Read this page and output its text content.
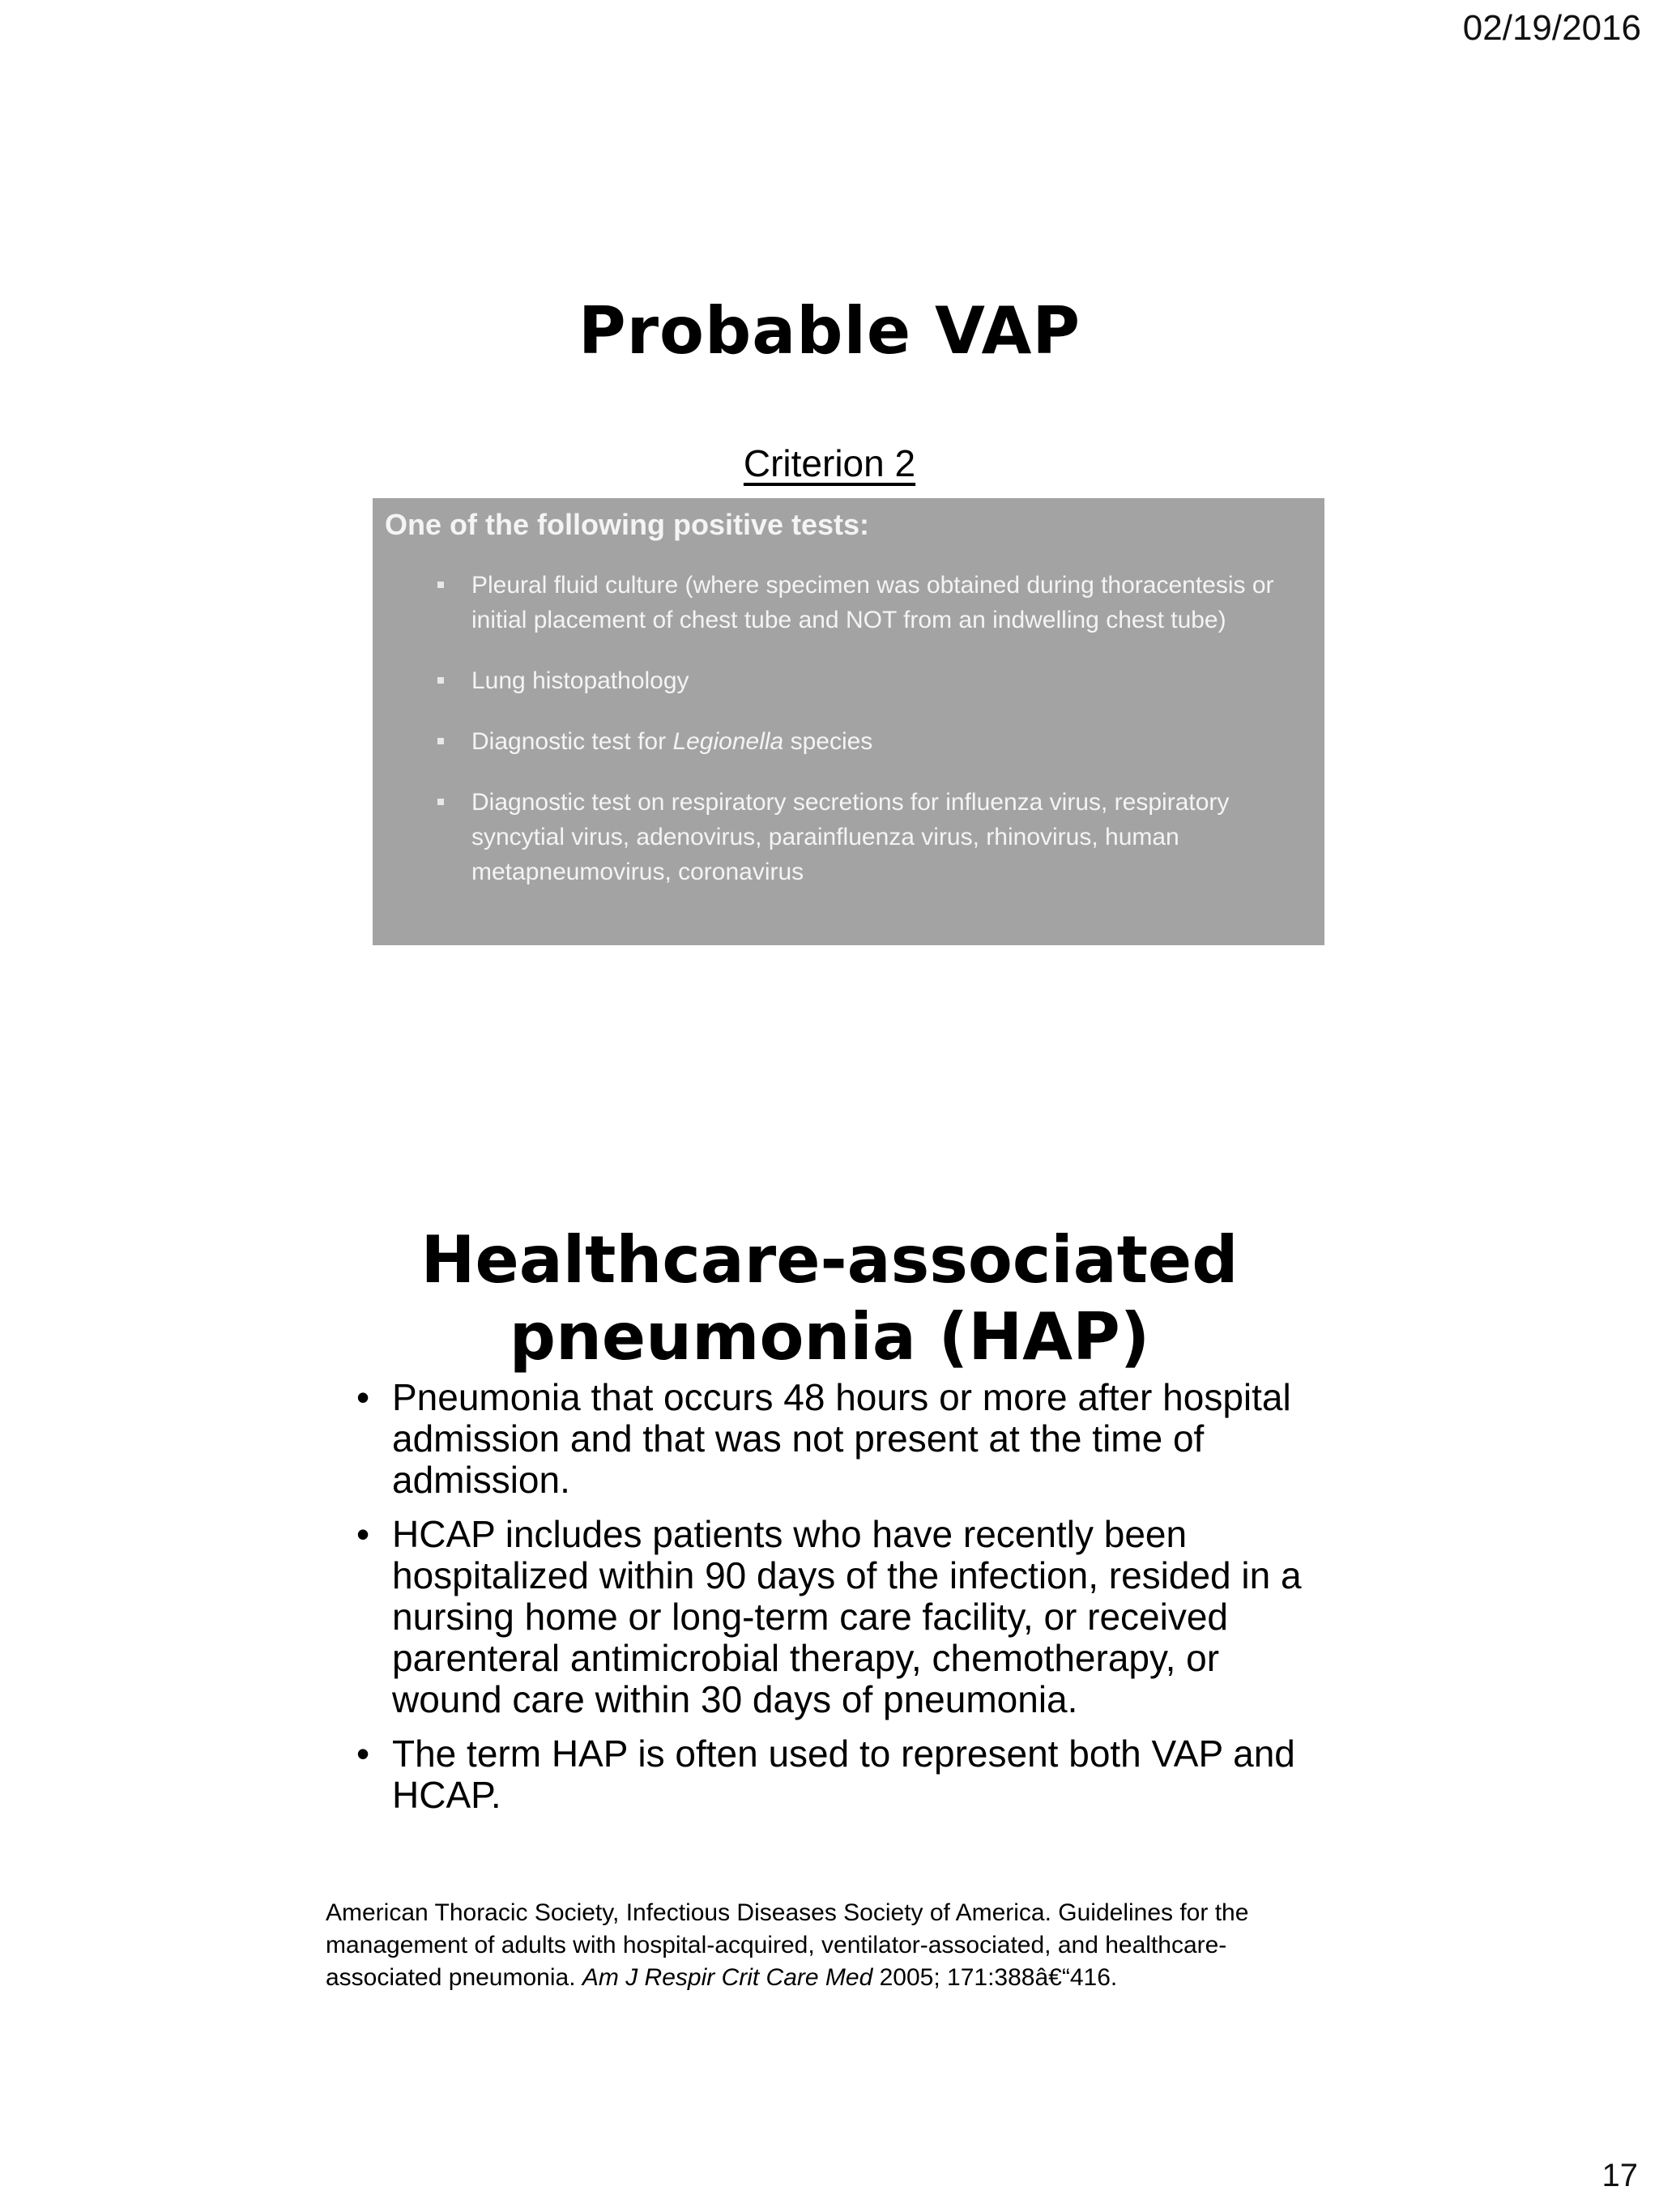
02/19/2016
Probable VAP
Criterion 2
One of the following positive tests:
Pleural fluid culture (where specimen was obtained during thoracentesis or initial placement of chest tube and NOT from an indwelling chest tube)
Lung histopathology
Diagnostic test for Legionella species
Diagnostic test on respiratory secretions for influenza virus, respiratory syncytial virus, adenovirus, parainfluenza virus, rhinovirus, human metapneumovirus, coronavirus
Healthcare-associated
pneumonia (HAP)
• Pneumonia that occurs 48 hours or more after hospital admission and that was not present at the time of admission.
• HCAP includes patients who have recently been hospitalized within 90 days of the infection, resided in a nursing home or long-term care facility, or received parenteral antimicrobial therapy, chemotherapy, or wound care within 30 days of pneumonia.
• The term HAP is often used to represent both VAP and HCAP.
American Thoracic Society, Infectious Diseases Society of America. Guidelines for the management of adults with hospital-acquired, ventilator-associated, and healthcare-associated pneumonia. Am J Respir Crit Care Med 2005; 171:388â€“416.
17
